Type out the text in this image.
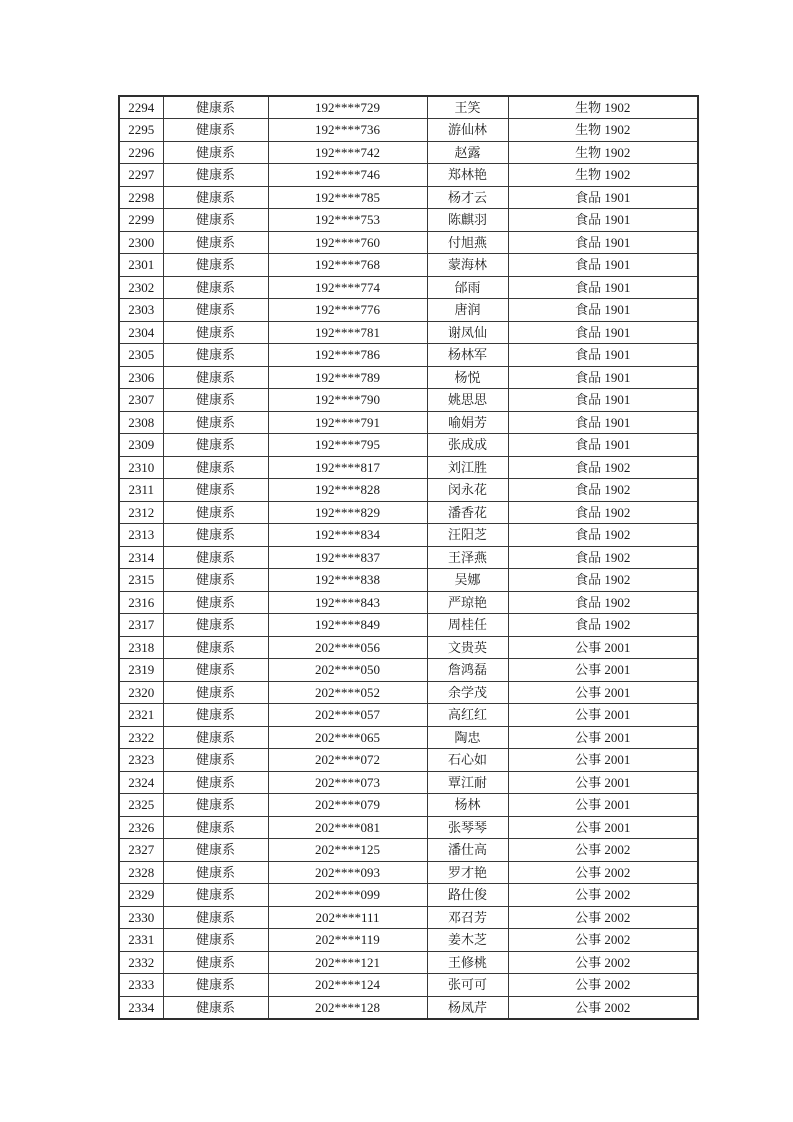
2294	健康系	192****729	王笑	生物 1902
2295	健康系	192****736	游仙林	生物 1902
2296	健康系	192****742	赵露	生物 1902
2297	健康系	192****746	郑林艳	生物 1902
2298	健康系	192****785	杨才云	食品 1901
2299	健康系	192****753	陈麒羽	食品 1901
2300	健康系	192****760	付旭燕	食品 1901
2301	健康系	192****768	蒙海林	食品 1901
2302	健康系	192****774	邰雨	食品 1901
2303	健康系	192****776	唐润	食品 1901
2304	健康系	192****781	谢凤仙	食品 1901
2305	健康系	192****786	杨林军	食品 1901
2306	健康系	192****789	杨悦	食品 1901
2307	健康系	192****790	姚思思	食品 1901
2308	健康系	192****791	喻娟芳	食品 1901
2309	健康系	192****795	张成成	食品 1901
2310	健康系	192****817	刘江胜	食品 1902
2311	健康系	192****828	闵永花	食品 1902
2312	健康系	192****829	潘香花	食品 1902
2313	健康系	192****834	汪阳芝	食品 1902
2314	健康系	192****837	王泽燕	食品 1902
2315	健康系	192****838	吴娜	食品 1902
2316	健康系	192****843	严琼艳	食品 1902
2317	健康系	192****849	周桂任	食品 1902
2318	健康系	202****056	文贵英	公事 2001
2319	健康系	202****050	詹鸿磊	公事 2001
2320	健康系	202****052	余学茂	公事 2001
2321	健康系	202****057	高红红	公事 2001
2322	健康系	202****065	陶忠	公事 2001
2323	健康系	202****072	石心如	公事 2001
2324	健康系	202****073	覃江耐	公事 2001
2325	健康系	202****079	杨林	公事 2001
2326	健康系	202****081	张琴琴	公事 2001
2327	健康系	202****125	潘仕高	公事 2002
2328	健康系	202****093	罗才艳	公事 2002
2329	健康系	202****099	路仕俊	公事 2002
2330	健康系	202****111	邓召芳	公事 2002
2331	健康系	202****119	姜木芝	公事 2002
2332	健康系	202****121	王修桃	公事 2002
2333	健康系	202****124	张可可	公事 2002
2334	健康系	202****128	杨凤芹	公事 2002
